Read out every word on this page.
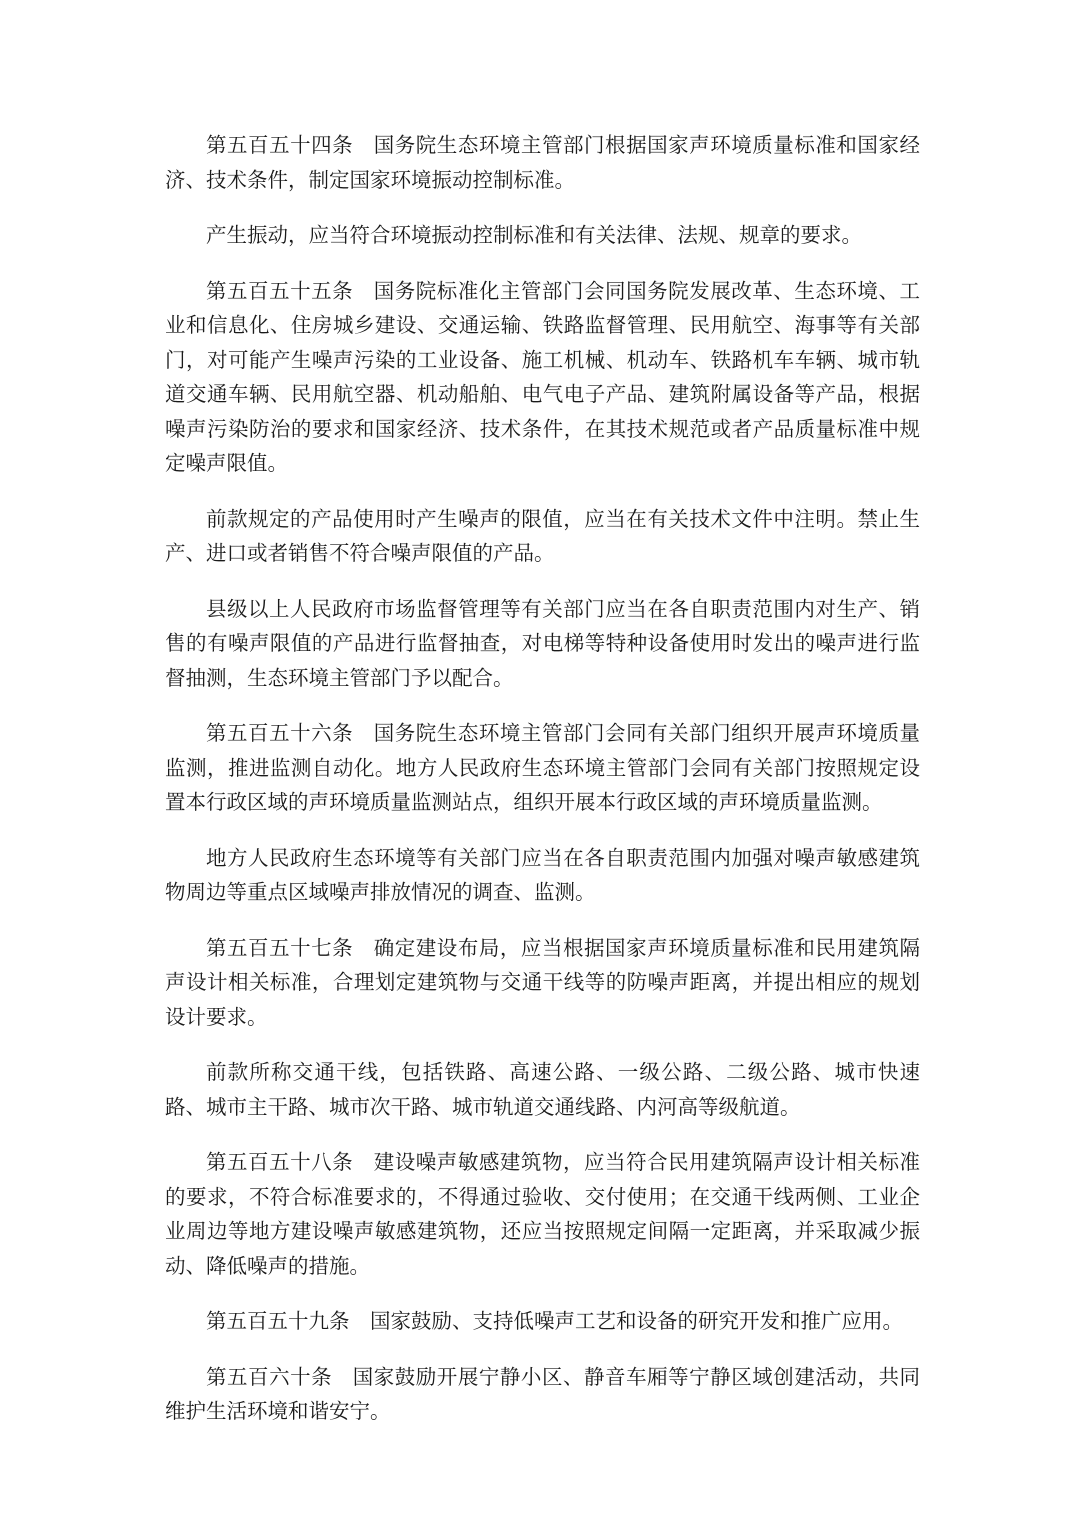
第五百五十四条 国务院生态环境主管部门根据国家声环境质量标准和国家经济、技术条件，制定国家环境振动控制标准。

产生振动，应当符合环境振动控制标准和有关法律、法规、规章的要求。

第五百五十五条 国务院标准化主管部门会同国务院发展改革、生态环境、工业和信息化、住房城乡建设、交通运输、铁路监督管理、民用航空、海事等有关部门，对可能产生噪声污染的工业设备、施工机械、机动车、铁路机车车辆、城市轨道交通车辆、民用航空器、机动船舶、电气电子产品、建筑附属设备等产品，根据噪声污染防治的要求和国家经济、技术条件，在其技术规范或者产品质量标准中规定噪声限值。

前款规定的产品使用时产生噪声的限值，应当在有关技术文件中注明。禁止生产、进口或者销售不符合噪声限值的产品。

县级以上人民政府市场监督管理等有关部门应当在各自职责范围内对生产、销售的有噪声限值的产品进行监督抽查，对电梯等特种设备使用时发出的噪声进行监督抽测，生态环境主管部门予以配合。

第五百五十六条 国务院生态环境主管部门会同有关部门组织开展声环境质量监测，推进监测自动化。地方人民政府生态环境主管部门会同有关部门按照规定设置本行政区域的声环境质量监测站点，组织开展本行政区域的声环境质量监测。

地方人民政府生态环境等有关部门应当在各自职责范围内加强对噪声敏感建筑物周边等重点区域噪声排放情况的调查、监测。

第五百五十七条 确定建设布局，应当根据国家声环境质量标准和民用建筑隔声设计相关标准，合理划定建筑物与交通干线等的防噪声距离，并提出相应的规划设计要求。

前款所称交通干线，包括铁路、高速公路、一级公路、二级公路、城市快速路、城市主干路、城市次干路、城市轨道交通线路、内河高等级航道。

第五百五十八条 建设噪声敏感建筑物，应当符合民用建筑隔声设计相关标准的要求，不符合标准要求的，不得通过验收、交付使用；在交通干线两侧、工业企业周边等地方建设噪声敏感建筑物，还应当按照规定间隔一定距离，并采取减少振动、降低噪声的措施。

第五百五十九条 国家鼓励、支持低噪声工艺和设备的研究开发和推广应用。

第五百六十条 国家鼓励开展宁静小区、静音车厢等宁静区域创建活动，共同维护生活环境和谐安宁。
